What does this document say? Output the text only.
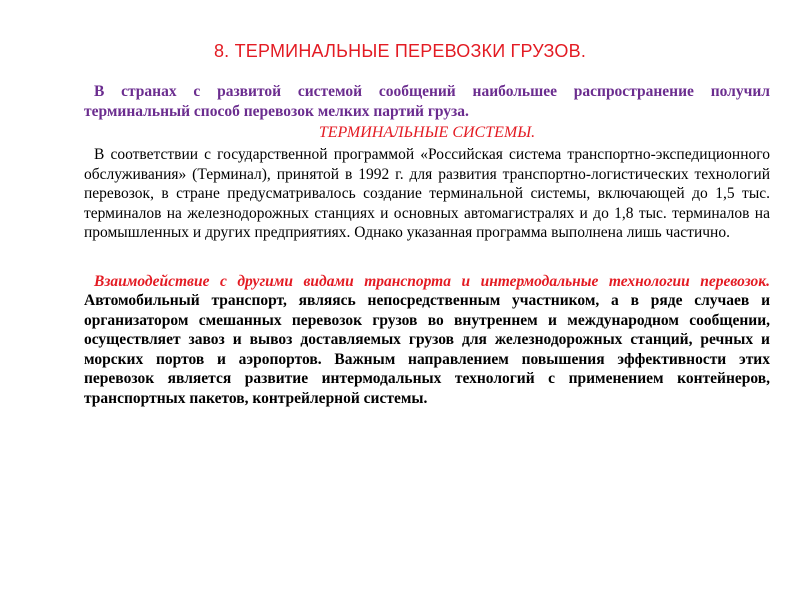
8. ТЕРМИНАЛЬНЫЕ ПЕРЕВОЗКИ ГРУЗОВ.

В странах с развитой системой сообщений наибольшее распространение получил терминальный способ перевозок мелких партий груза.

ТЕРМИНАЛЬНЫЕ СИСТЕМЫ.

В соответствии с государственной программой «Российская система транспортно-экспедиционного обслуживания» (Терминал), принятой в 1992 г. для развития транспортно-логистических технологий перевозок, в стране предусматривалось создание терминальной системы, включающей до 1,5 тыс. терминалов на железнодорожных станциях и основных автомагистралях и до 1,8 тыс. терминалов на промышленных и других предприятиях. Однако указанная программа выполнена лишь частично.

Взаимодействие с другими видами транспорта и интермодальные технологии перевозок. Автомобильный транспорт, являясь непосредственным участником, а в ряде случаев и организатором смешанных перевозок грузов во внутреннем и международном сообщении, осуществляет завоз и вывоз доставляемых грузов для железнодорожных станций, речных и морских портов и аэропортов. Важным направлением повышения эффективности этих перевозок является развитие интермодальных технологий с применением контейнеров, транспортных пакетов, контрейлерной системы.
